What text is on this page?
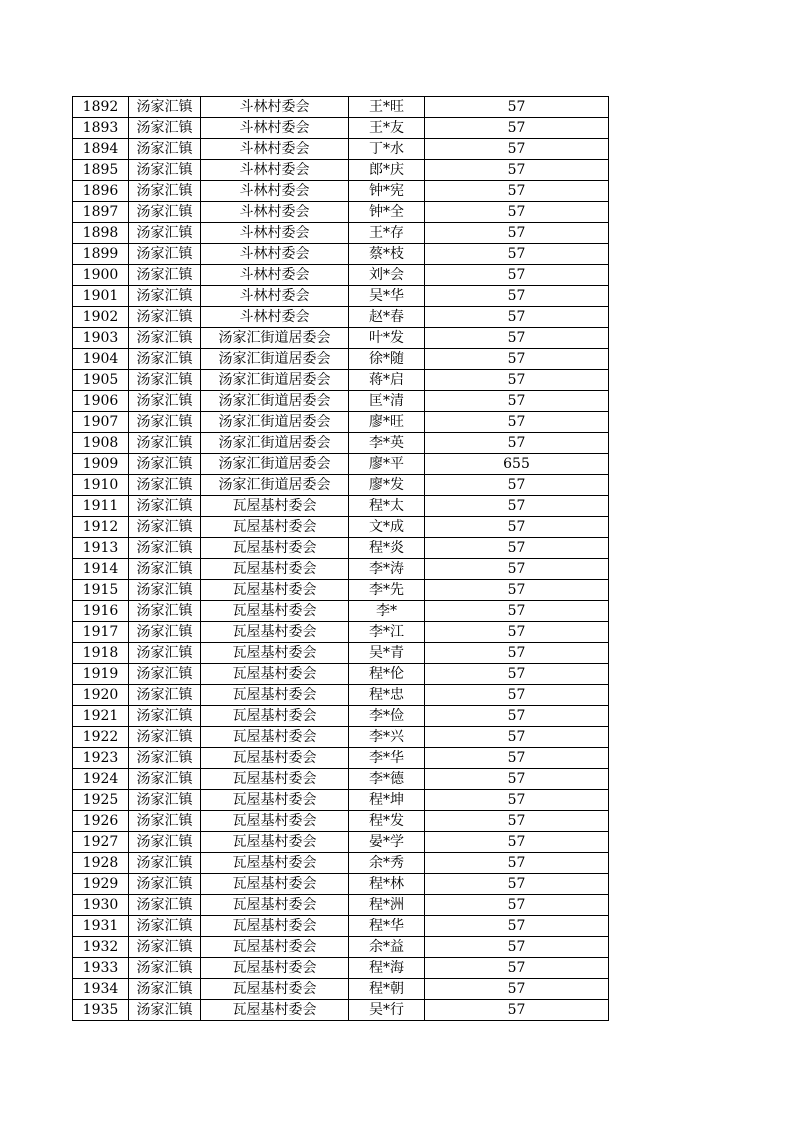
1892	汤家汇镇	斗林村委会	王*旺	57
1893	汤家汇镇	斗林村委会	王*友	57
1894	汤家汇镇	斗林村委会	丁*水	57
1895	汤家汇镇	斗林村委会	郎*庆	57
1896	汤家汇镇	斗林村委会	钟*宪	57
1897	汤家汇镇	斗林村委会	钟*全	57
1898	汤家汇镇	斗林村委会	王*存	57
1899	汤家汇镇	斗林村委会	蔡*枝	57
1900	汤家汇镇	斗林村委会	刘*会	57
1901	汤家汇镇	斗林村委会	吴*华	57
1902	汤家汇镇	斗林村委会	赵*春	57
1903	汤家汇镇	汤家汇街道居委会	叶*发	57
1904	汤家汇镇	汤家汇街道居委会	徐*随	57
1905	汤家汇镇	汤家汇街道居委会	蒋*启	57
1906	汤家汇镇	汤家汇街道居委会	匡*清	57
1907	汤家汇镇	汤家汇街道居委会	廖*旺	57
1908	汤家汇镇	汤家汇街道居委会	李*英	57
1909	汤家汇镇	汤家汇街道居委会	廖*平	655
1910	汤家汇镇	汤家汇街道居委会	廖*发	57
1911	汤家汇镇	瓦屋基村委会	程*太	57
1912	汤家汇镇	瓦屋基村委会	文*成	57
1913	汤家汇镇	瓦屋基村委会	程*炎	57
1914	汤家汇镇	瓦屋基村委会	李*涛	57
1915	汤家汇镇	瓦屋基村委会	李*先	57
1916	汤家汇镇	瓦屋基村委会	李*	57
1917	汤家汇镇	瓦屋基村委会	李*江	57
1918	汤家汇镇	瓦屋基村委会	吴*青	57
1919	汤家汇镇	瓦屋基村委会	程*伦	57
1920	汤家汇镇	瓦屋基村委会	程*忠	57
1921	汤家汇镇	瓦屋基村委会	李*俭	57
1922	汤家汇镇	瓦屋基村委会	李*兴	57
1923	汤家汇镇	瓦屋基村委会	李*华	57
1924	汤家汇镇	瓦屋基村委会	李*德	57
1925	汤家汇镇	瓦屋基村委会	程*坤	57
1926	汤家汇镇	瓦屋基村委会	程*发	57
1927	汤家汇镇	瓦屋基村委会	晏*学	57
1928	汤家汇镇	瓦屋基村委会	余*秀	57
1929	汤家汇镇	瓦屋基村委会	程*林	57
1930	汤家汇镇	瓦屋基村委会	程*洲	57
1931	汤家汇镇	瓦屋基村委会	程*华	57
1932	汤家汇镇	瓦屋基村委会	余*益	57
1933	汤家汇镇	瓦屋基村委会	程*海	57
1934	汤家汇镇	瓦屋基村委会	程*朝	57
1935	汤家汇镇	瓦屋基村委会	吴*行	57
